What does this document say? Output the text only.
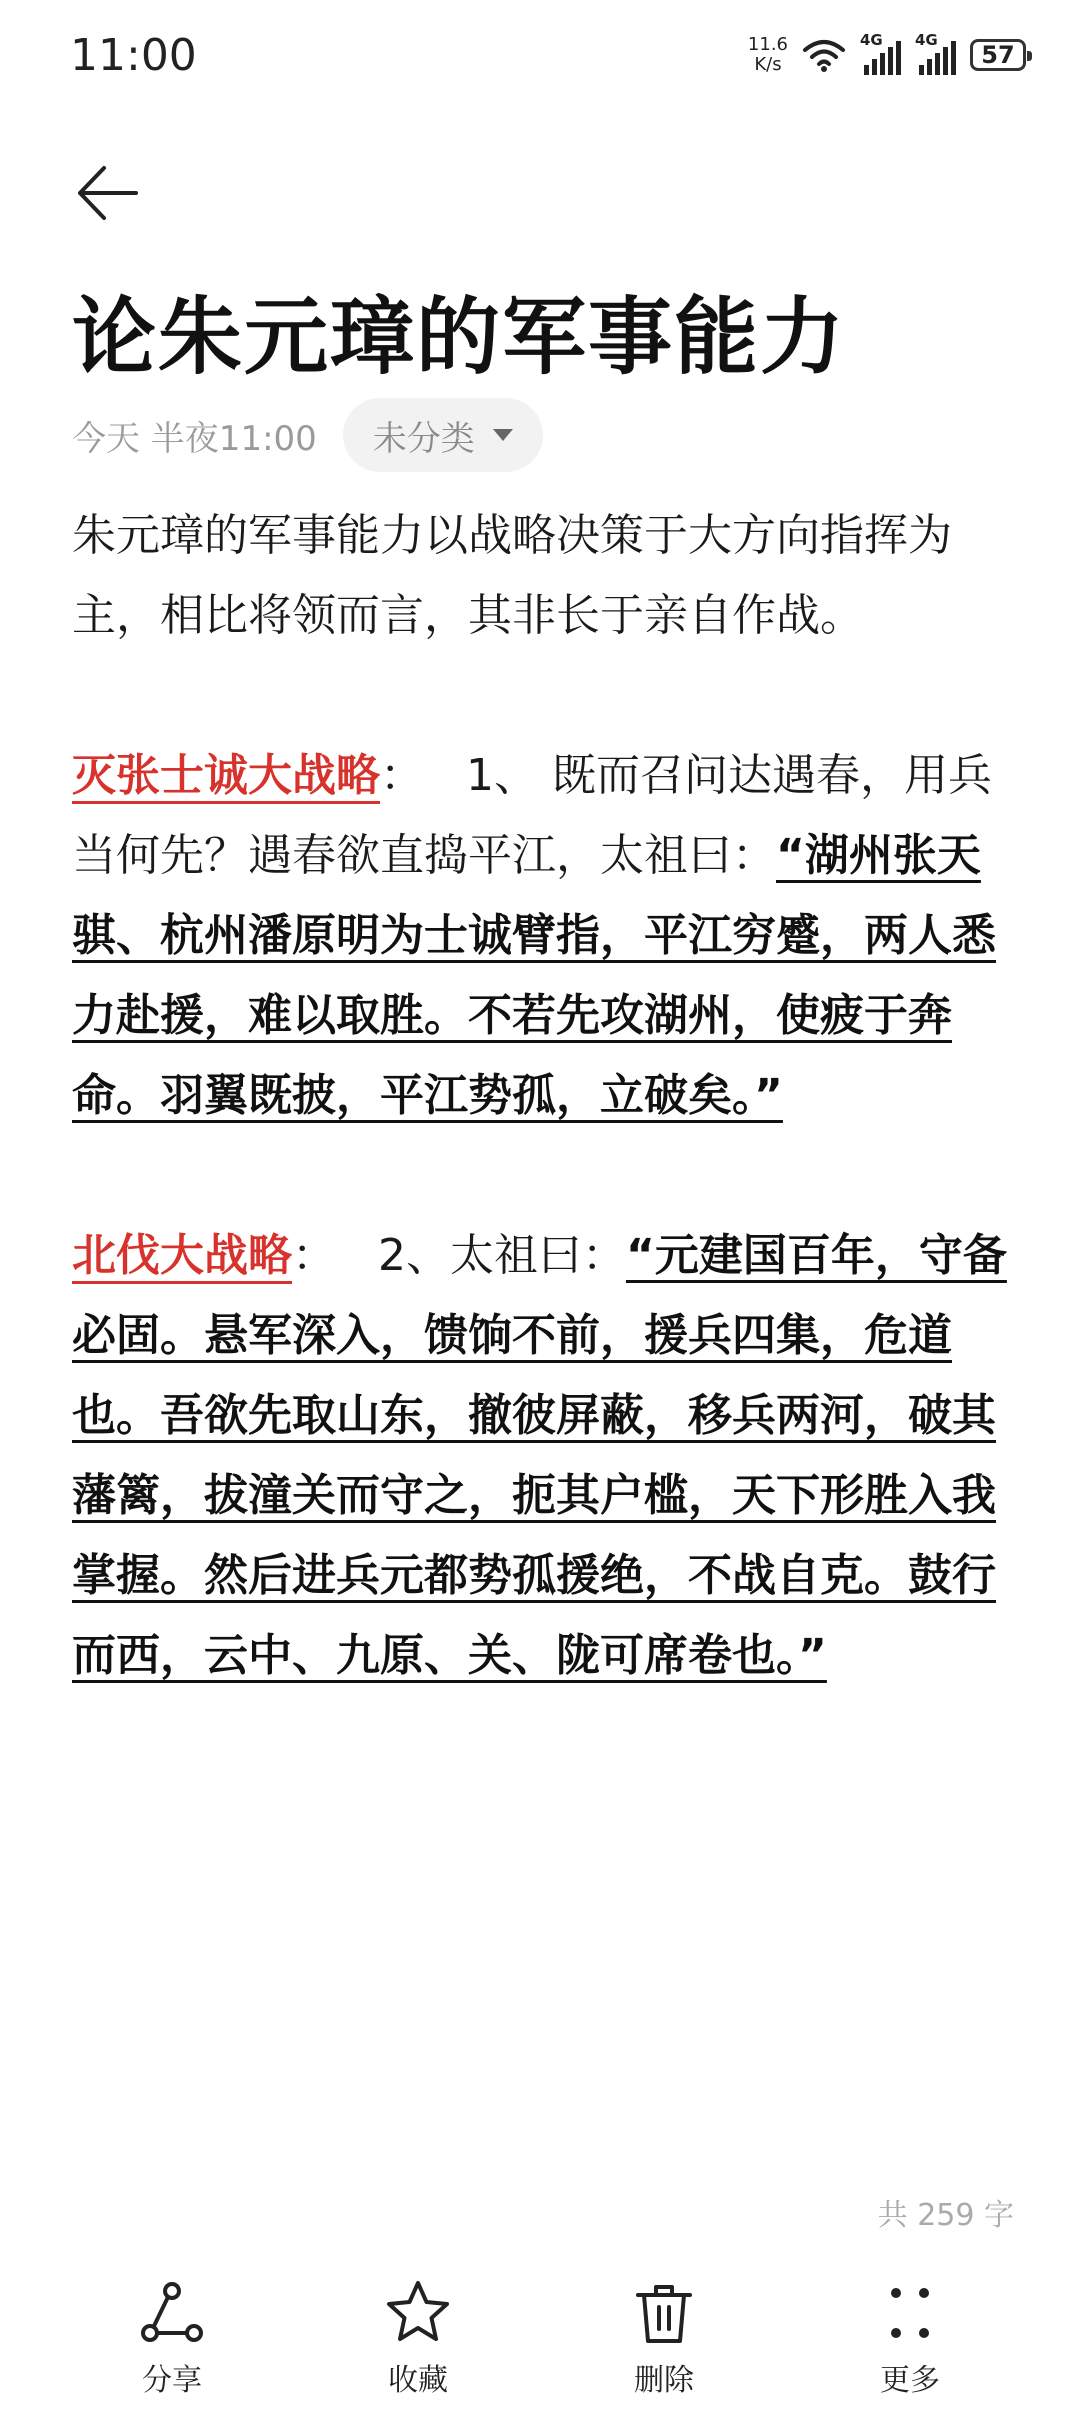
11:00	11.6
K/s
4G 4G
57
论朱元璋的军事能力
今天 半夜11:00 未分类

朱元璋的军事能力以战略决策于大方向指挥为主，相比将领而言，其非长于亲自作战。

灭张士诚大战略： 1、 既而召问达遇春，用兵当何先？遇春欲直捣平江，太祖曰：“湖州张天骐、杭州潘原明为士诚臂指，平江穷蹙，两人悉力赴援，难以取胜。不若先攻湖州，使疲于奔命。羽翼既披，平江势孤，立破矣。”

北伐大战略： 2、太祖曰：“元建国百年，守备必固。悬军深入，馈饷不前，援兵四集，危道也。吾欲先取山东，撤彼屏蔽，移兵两河，破其藩篱，拔潼关而守之，扼其户槛，天下形胜入我掌握。然后进兵元都势孤援绝，不战自克。鼓行而西，云中、九原、关、陇可席卷也。”

共 259 字
分享	收藏	删除	更多
